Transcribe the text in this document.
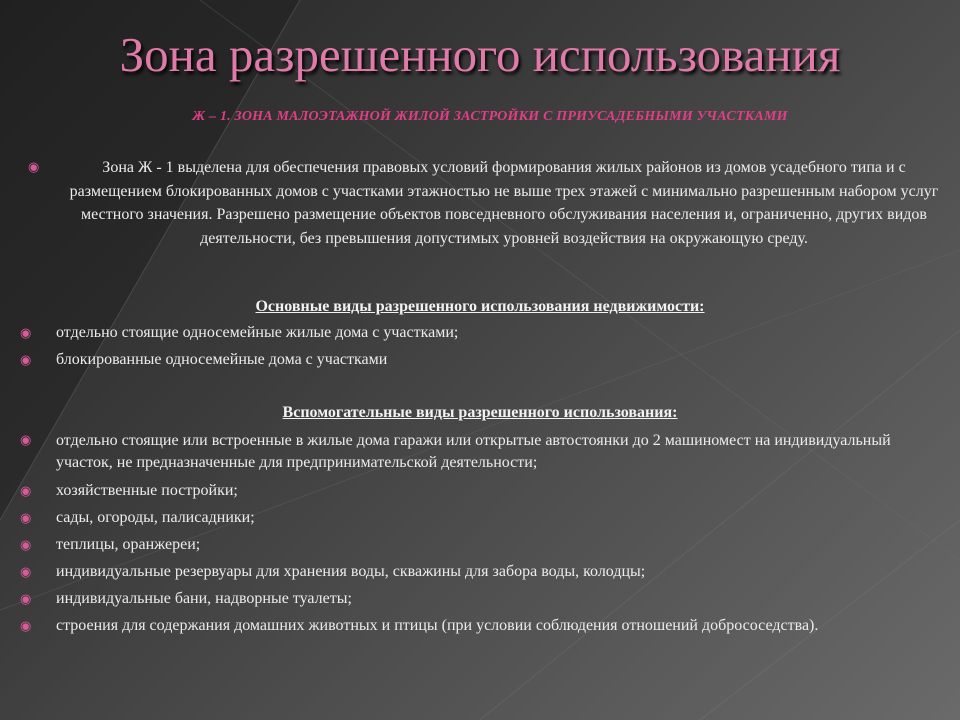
Зона разрешенного использования
Ж – 1. ЗОНА МАЛОЭТАЖНОЙ ЖИЛОЙ ЗАСТРОЙКИ С ПРИУСАДЕБНЫМИ УЧАСТКАМИ
◉	Зона Ж - 1 выделена для обеспечения правовых условий формирования жилых районов из домов усадебного типа и с размещением блокированных домов с участками этажностью не выше трех этажей с минимально разрешенным набором услуг местного значения. Разрешено размещение объектов повседневного обслуживания населения и, ограниченно, других видов деятельности, без превышения допустимых уровней воздействия на окружающую среду.
Основные виды разрешенного использования недвижимости:
◉ отдельно стоящие односемейные жилые дома с участками;
◉ блокированные односемейные дома с участками
Вспомогательные виды разрешенного использования:
◉ отдельно стоящие или встроенные в жилые дома гаражи или открытые автостоянки до 2 машиномест на индивидуальный участок, не предназначенные для предпринимательской деятельности;
◉ хозяйственные постройки;
◉ сады, огороды, палисадники;
◉ теплицы, оранжереи;
◉ индивидуальные резервуары для хранения воды, скважины для забора воды, колодцы;
◉ индивидуальные бани, надворные туалеты;
◉ строения для содержания домашних животных и птицы (при условии соблюдения отношений добрососедства).
